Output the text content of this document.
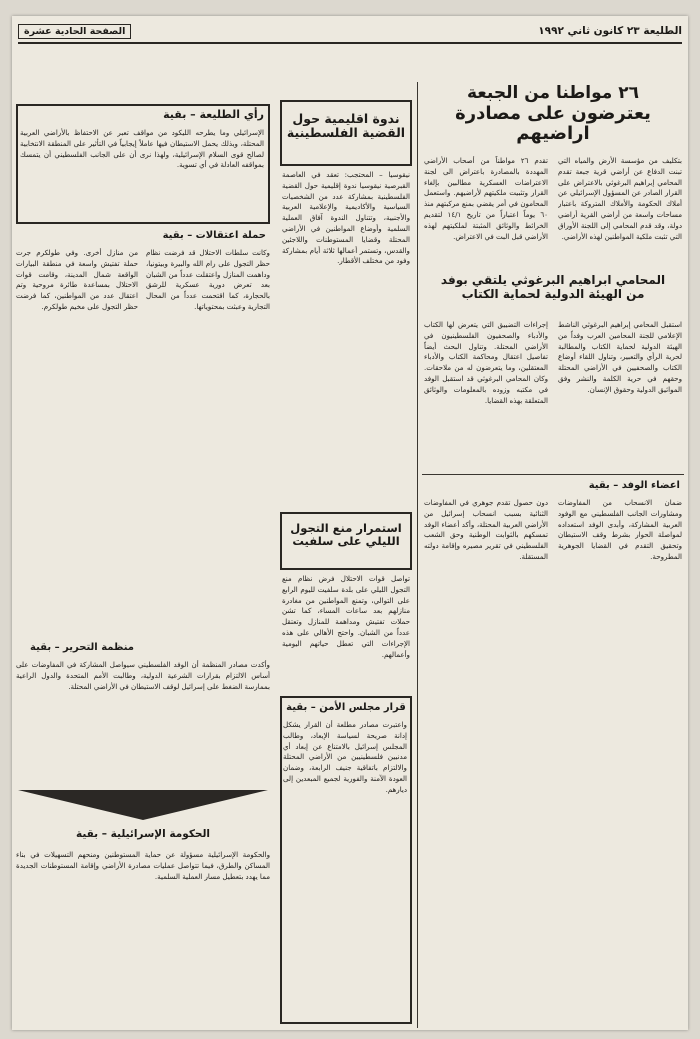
الطليعة ٢٣ كانون ثاني ١٩٩٢
الصفحة الحادية عشرة
٢٦ مواطنا من الجبعة
يعترضون على مصادرة اراضيهم
بتكليف من مؤسسة الأرض والمياه التي تبنت الدفاع عن أراضي قرية جبعة تقدم المحامي إبراهيم البرغوثي بالاعتراض على القرار الصادر عن المسؤول الإسرائيلي عن أملاك الحكومة والأملاك المتروكة باعتبار مساحات واسعة من أراضي القرية أراضي دولة، وقد قدم المحامي إلى اللجنة الأوراق التي تثبت ملكية المواطنين لهذه الأراضي.
تقدم ٢٦ مواطناً من أصحاب الأراضي المهددة بالمصادرة باعتراض الى لجنة الاعتراضات العسكرية مطالبين بإلغاء القرار وتثبيت ملكيتهم لأراضيهم. واستعمل المحامون في أمر يقضي بمنع مركبتهم منذ ٦٠ يوماً اعتباراً من تاريخ ١٤/١ لتقديم الخرائط والوثائق المثبتة لملكيتهم لهذه الأراضي قبل البت في الاعتراض.
المحامي ابراهيم البرغوثي يلتقي بوفد
من الهيئة الدولية لحماية الكتاب
استقبل المحامي إبراهيم البرغوثي الناشط الإعلامي للجنة المحامين العرب وفداً من الهيئة الدولية لحماية الكتاب والمطالبة لحرية الرأي والتعبير، وتناول اللقاء أوضاع الكتاب والصحفيين في الأراضي المحتلة وحقهم في حرية الكلمة والنشر وفق المواثيق الدولية وحقوق الإنسان.
إجراءات التضييق التي يتعرض لها الكتاب والأدباء والصحفيون الفلسطينيون في الأراضي المحتلة. وتناول البحث أيضاً تفاصيل اعتقال ومحاكمة الكتاب والأدباء المعتقلين، وما يتعرضون له من ملاحقات. وكان المحامي البرغوثي قد استقبل الوفد في مكتبه وزوده بالمعلومات والوثائق المتعلقة بهذه القضايا.
اعضاء الوفد – بقية
ضمان الانسحاب من المفاوضات ومشاورات الجانب الفلسطيني مع الوفود العربية المشاركة، وأبدى الوفد استعداده لمواصلة الحوار بشرط وقف الاستيطان وتحقيق التقدم في القضايا الجوهرية المطروحة.
دون حصول تقدم جوهري في المفاوضات الثنائية بسبب انسحاب إسرائيل من الأراضي العربية المحتلة، وأكد أعضاء الوفد تمسكهم بالثوابت الوطنية وحق الشعب الفلسطيني في تقرير مصيره وإقامة دولته المستقلة.
ندوة اقليمية حول
القضية الفلسطينية
نيقوسيا – المحتجب: تعقد في العاصمة القبرصية نيقوسيا ندوة إقليمية حول القضية الفلسطينية بمشاركة عدد من الشخصيات السياسية والأكاديمية والإعلامية العربية والأجنبية، وتتناول الندوة آفاق العملية السلمية وأوضاع المواطنين في الأراضي المحتلة وقضايا المستوطنات واللاجئين والقدس، وتستمر أعمالها ثلاثة أيام بمشاركة وفود من مختلف الأقطار.
استمرار منع التجول
الليلي على سلفيت
تواصل قوات الاحتلال فرض نظام منع التجول الليلي على بلدة سلفيت لليوم الرابع على التوالي، وتمنع المواطنين من مغادرة منازلهم بعد ساعات المساء، كما تشن حملات تفتيش ومداهمة للمنازل وتعتقل عدداً من الشبان. واحتج الأهالي على هذه الإجراءات التي تعطل حياتهم اليومية وأعمالهم.
قرار مجلس الأمن – بقية
واعتبرت مصادر مطلعة أن القرار يشكل إدانة صريحة لسياسة الإبعاد، وطالب المجلس إسرائيل بالامتناع عن إبعاد أي مدنيين فلسطينيين من الأراضي المحتلة والالتزام باتفاقية جنيف الرابعة، وضمان العودة الآمنة والفورية لجميع المبعدين إلى ديارهم.
رأي الطليعة – بقية
الإسرائيلي وما يطرحه الليكود من مواقف تعبر عن الاحتفاظ بالأراضي العربية المحتلة، وبذلك يحمل الاستيطان فيها عاملاً إيجابياً في التأثير على المنطقة الانتخابية لصالح قوى السلام الإسرائيلية، ولهذا نرى أن على الجانب الفلسطيني أن يتمسك بمواقفه العادلة في أي تسوية.
حملة اعتقالات – بقية
من منازل أخرى. وفي طولكرم جرت حملة تفتيش واسعة في منطقة البيارات الواقعة شمال المدينة، وقامت قوات الاحتلال بمساعدة طائرة مروحية وتم اعتقال عدد من المواطنين، كما فرضت حظر التجول على مخيم طولكرم.
وكانت سلطات الاحتلال قد فرضت نظام حظر التجول على رام الله والبيرة وبيتونيا، وداهمت المنازل واعتقلت عدداً من الشبان بعد تعرض دورية عسكرية للرشق بالحجارة، كما اقتحمت عدداً من المحال التجارية وعبثت بمحتوياتها.
منظمة التحرير – بقية
وأكدت مصادر المنظمة أن الوفد الفلسطيني سيواصل المشاركة في المفاوضات على أساس الالتزام بقرارات الشرعية الدولية، وطالبت الأمم المتحدة والدول الراعية بممارسة الضغط على إسرائيل لوقف الاستيطان في الأراضي المحتلة.
الحكومة الإسرائيلية – بقية
والحكومة الإسرائيلية مسؤولة عن حماية المستوطنين ومنحهم التسهيلات في بناء المساكن والطرق، فيما تتواصل عمليات مصادرة الأراضي وإقامة المستوطنات الجديدة مما يهدد بتعطيل مسار العملية السلمية.
